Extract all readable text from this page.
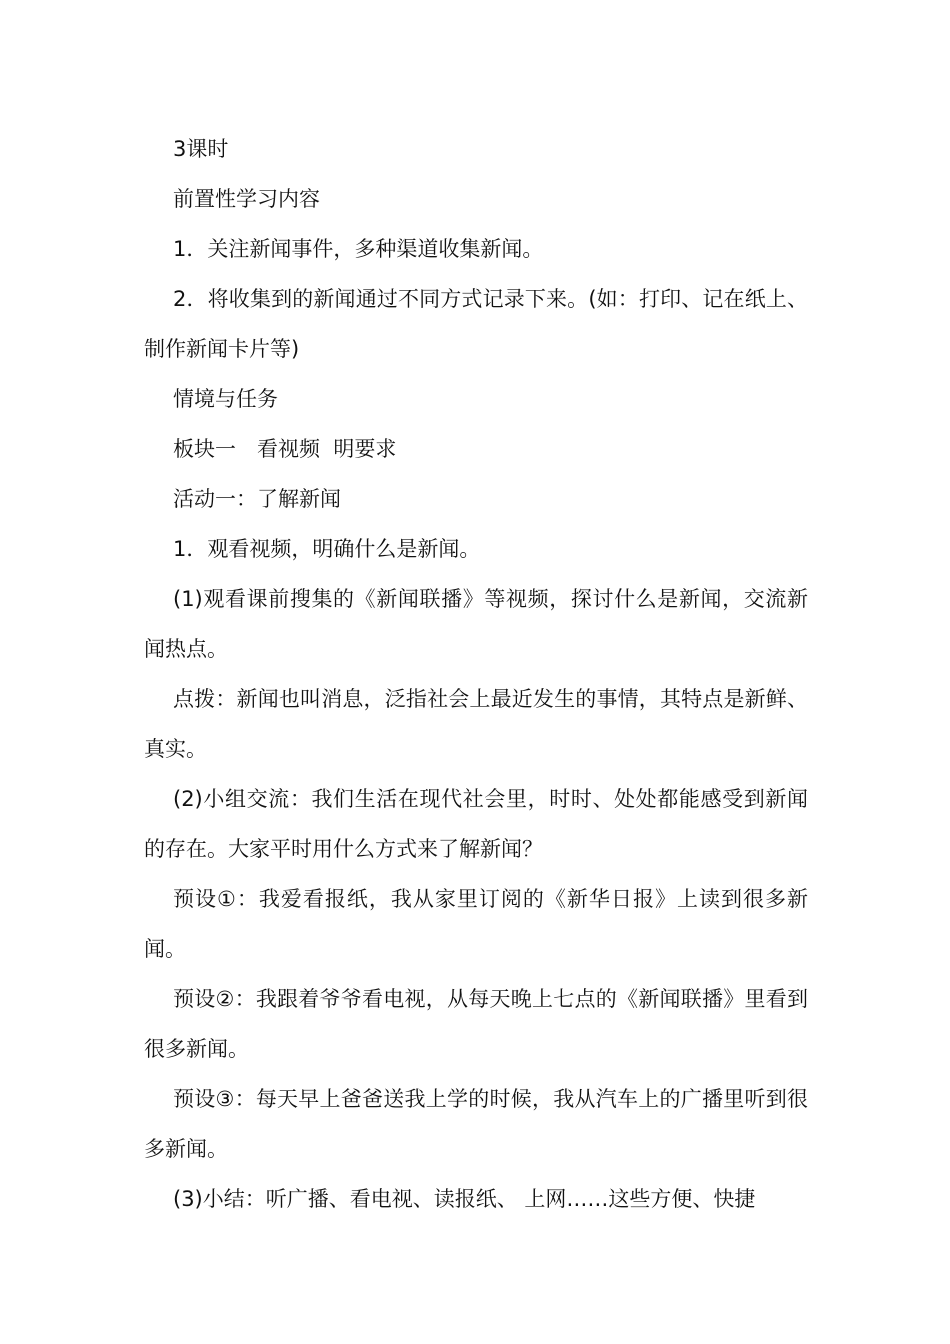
3课时

前置性学习内容

1．关注新闻事件，多种渠道收集新闻。

2．将收集到的新闻通过不同方式记录下来。(如：打印、记在纸上、制作新闻卡片等)

情境与任务

板块一　看视频  明要求

活动一：了解新闻

1．观看视频，明确什么是新闻。

(1)观看课前搜集的《新闻联播》等视频，探讨什么是新闻，交流新闻热点。

点拨：新闻也叫消息，泛指社会上最近发生的事情，其特点是新鲜、真实。

(2)小组交流：我们生活在现代社会里，时时、处处都能感受到新闻的存在。大家平时用什么方式来了解新闻？

预设①：我爱看报纸，我从家里订阅的《新华日报》上读到很多新闻。

预设②：我跟着爷爷看电视，从每天晚上七点的《新闻联播》里看到很多新闻。

预设③：每天早上爸爸送我上学的时候，我从汽车上的广播里听到很多新闻。

(3)小结：听广播、看电视、读报纸、 上网……这些方便、快捷
